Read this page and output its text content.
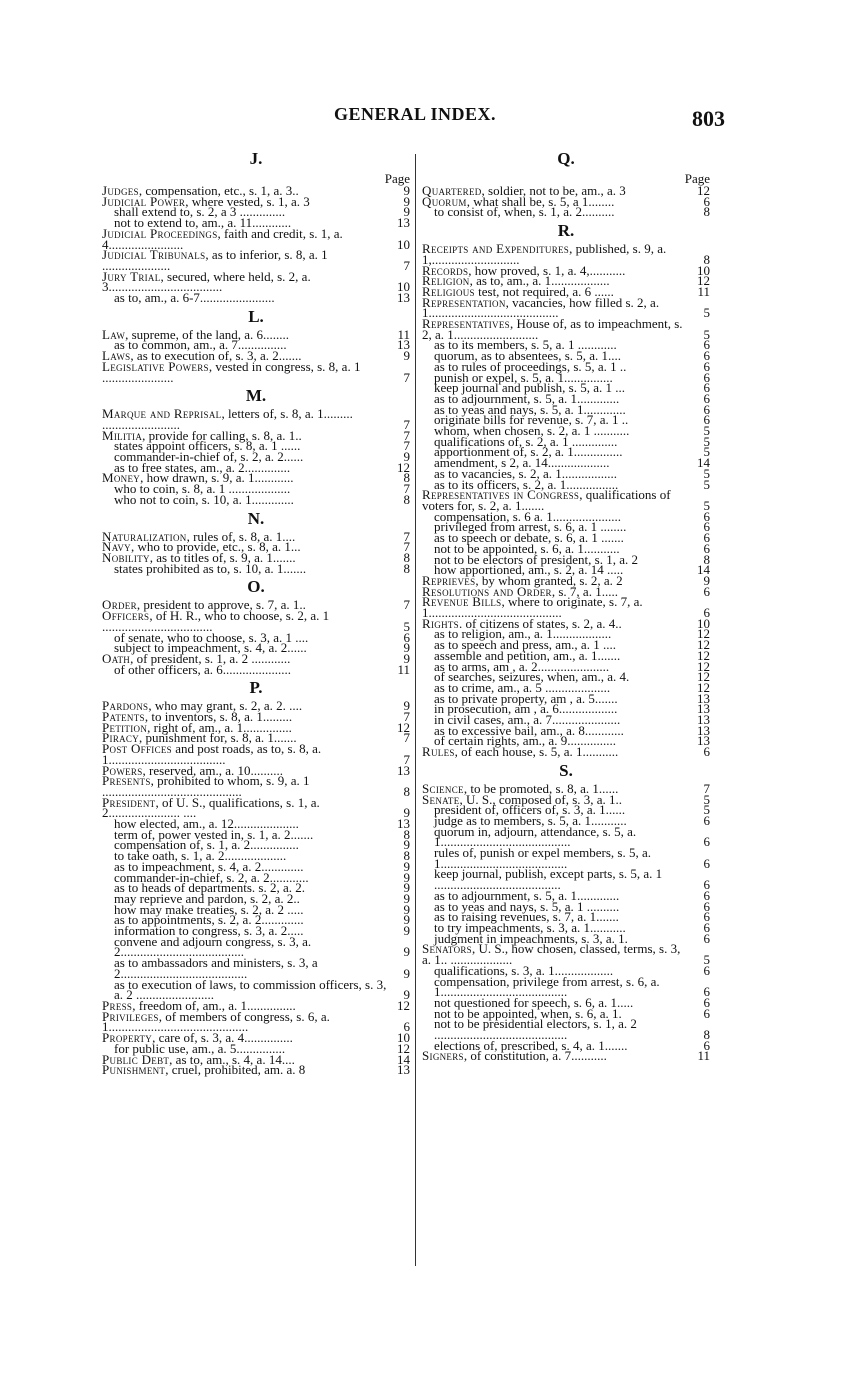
GENERAL INDEX.	803
J.
Page
Judges, compensation, etc., s. 1, a. 3..	9
Judicial Power, where vested, s. 1, a. 3	9
shall extend to, s. 2, a 3 ..............	9
not to extend to, am., a. 11............	13
Judicial Proceedings, faith and credit, s. 1, a. 4.......................	10
Judicial Tribunals, as to inferior, s. 8, a. 1 .....................	7
Jury Trial, secured, where held, s. 2, a. 3...................................	10
as to, am., a. 6-7.......................	13
L.
Law, supreme, of the land, a. 6........	11
as to common, am., a. 7...............	13
Laws, as to execution of, s. 3, a. 2.......	9
Legislative Powers, vested in congress, s. 8, a. 1 ......................	7
M.
Marque and Reprisal, letters of, s. 8, a. 1......... ........................	7
Militia, provide for calling, s. 8, a. 1..	7
states appoint officers, s. 8, a. 1 ......	7
commander-in-chief of, s. 2, a. 2......	9
as to free states, am., a. 2..............	12
Money, how drawn, s. 9, a. 1............	8
who to coin, s. 8, a. 1 ...................	7
who not to coin, s. 10, a. 1.............	8
N.
Naturalization, rules of, s. 8, a. 1....	7
Navy, who to provide, etc., s. 8, a. 1...	7
Nobility, as to titles of, s. 9, a. 1.......	8
states prohibited as to, s. 10, a. 1.......	8
O.
Order, president to approve, s. 7, a. 1..	7
Officers, of H. R., who to choose, s. 2, a. 1 ..................................	5
of senate, who to choose, s. 3, a. 1 ....	6
subject to impeachment, s. 4, a. 2......	9
Oath, of president, s. 1, a. 2 ............	9
of other officers, a. 6.....................	11
P.
Pardons, who may grant, s. 2, a. 2. ....	9
Patents, to inventors, s. 8, a. 1.........	7
Petition, right of, am., a. 1...............	12
Piracy, punishment for, s. 8, a. 1.......	7
Post Offices and post roads, as to, s. 8, a. 1....................................	7
Powers, reserved, am., a. 10..........	13
Presents, prohibited to whom, s. 9, a. 1 ...........................................	8
President, of U. S., qualifications, s. 1, a. 2...................... ....	9
how elected, am., a. 12....................	13
term of, power vested in, s. 1, a. 2.......	8
compensation of, s. 1, a. 2...............	9
to take oath, s. 1, a. 2...................	8
as to impeachment, s. 4, a. 2.............	9
commander-in-chief, s. 2, a. 2............	9
as to heads of departments. s. 2, a. 2.	9
may reprieve and pardon, s. 2, a. 2..	9
how may make treaties, s. 2, a. 2 .....	9
as to appointments, s. 2, a. 2.............	9
information to congress, s. 3, a. 2.....	9
convene and adjourn congress, s. 3, a. 2......................................	9
as to ambassadors and ministers, s. 3, a 2.......................................	9
as to execution of laws, to commission officers, s. 3, a. 2 ........................	9
Press, freedom of, am., a. 1...............	12
Privileges, of members of congress, s. 6, a. 1...........................................	6
Property, care of, s. 3, a. 4...............	10
for public use, am., a. 5...............	12
Public Debt, as to, am., s. 4, a. 14....	14
Punishment, cruel, prohibited, am. a. 8	13
Q.
Page
Quartered, soldier, not to be, am., a. 3	12
Quorum, what shall be, s. 5, a 1........	6
to consist of, when, s. 1, a. 2..........	8
R.
Receipts and Expenditures, published, s. 9, a. 1,...........................	8
Records, how proved, s. 1, a. 4,...........	10
Religion, as to, am., a. 1..................	12
Religious test, not required, a. 6 ......	11
Representation, vacancies, how filled s. 2, a. 1........................................	5
Representatives, House of, as to impeachment, s. 2, a. 1..........................	5
as to its members, s. 5, a. 1 ............	6
quorum, as to absentees, s. 5, a. 1....	6
as to rules of proceedings, s. 5, a. 1 ..	6
punish or expel, s. 5, a. 1...............	6
keep journal and publish, s. 5, a. 1 ...	6
as to adjournment, s. 5, a. 1.............	6
as to yeas and nays, s. 5, a. 1.............	6
originate bills for revenue, s. 7, a. 1 ..	6
whom, when chosen, s. 2, a. 1 ...........	5
qualifications of, s. 2, a. 1 ..............	5
apportionment of, s. 2, a. 1...............	5
amendment, s 2, a. 14...................	14
as to vacancies, s. 2, a. 1.................	5
as to its officers, s. 2, a. 1................	5
Representatives in Congress, qualifications of voters for, s. 2, a. 1.......	5
compensation, s. 6 a. 1.....................	6
privileged from arrest, s. 6, a. 1 ........	6
as to speech or debate, s. 6, a. 1 .......	6
not to be appointed, s. 6, a. 1...........	6
not to be electors of president, s. 1, a. 2	8
how apportioned, am., s. 2, a. 14 .....	14
Reprieves, by whom granted, s. 2, a. 2	9
Resolutions and Order, s. 7, a. 1.....	6
Revenue Bills, where to originate, s. 7, a. 1.........................................	6
Rights. of citizens of states, s. 2, a. 4..	10
as to religion, am., a. 1..................	12
as to speech and press, am., a. 1 ....	12
assemble and petition, am., a. 1.......	12
as to arms, am , a. 2......................	12
of searches, seizures, when, am., a. 4.	12
as to crime, am., a. 5 ....................	12
as to private property, am , a. 5.......	13
in prosecution, am , a. 6..................	13
in civil cases, am., a. 7.....................	13
as to excessive bail, am., a. 8............	13
of certain rights, am., a. 9...............	13
Rules, of each house, s. 5, a. 1...........	6
S.
Science, to be promoted, s. 8, a. 1......	7
Senate, U. S., composed of, s. 3, a. 1..	5
president of, officers of, s. 3, a. 1......	5
judge as to members, s. 5, a. 1...........	6
quorum in, adjourn, attendance, s. 5, a. 1........................................	6
rules of, punish or expel members, s. 5, a. 1.......................................	6
keep journal, publish, except parts, s. 5, a. 1 .......................................	6
as to adjournment, s. 5, a. 1.............	6
as to yeas and nays, s. 5, a. 1 ..........	6
as to raising revenues, s. 7, a. 1.......	6
to try impeachments, s. 3, a. 1...........	6
judgment in impeachments, s. 3, a. 1.	6
Senators, U. S., how chosen, classed, terms, s. 3, a. 1.. ...................	5
qualifications, s. 3, a. 1..................	6
compensation, privilege from arrest, s. 6, a. 1.......................................	6
not questioned for speech, s. 6, a. 1.....	6
not to be appointed, when, s. 6, a. 1.	6
not to be presidential electors, s. 1, a. 2 .........................................	8
elections of, prescribed, s. 4, a. 1.......	6
Signers, of constitution, a. 7...........	11
